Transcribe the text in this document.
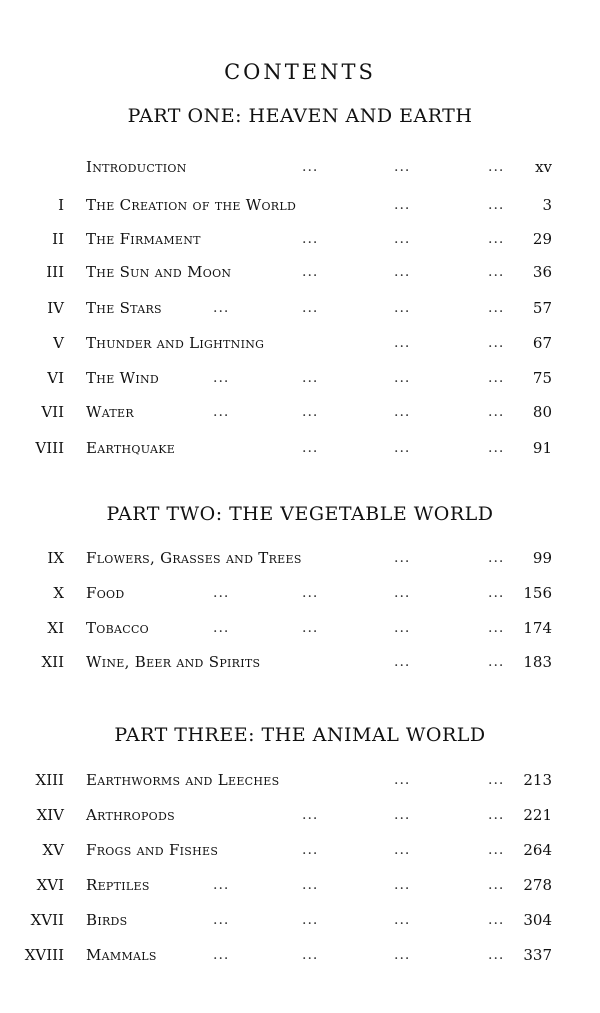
CONTENTS
PART ONE: HEAVEN AND EARTH
Introduction	...	...	... xv
I The Creation of the World	...	...	3
II The Firmament	...	...	... 29
III The Sun and Moon	...	...	... 36
IV The Stars	...	...	...	... 57
V Thunder and Lightning	...	... 67
VI The Wind	...	...	...	... 75
VII Water	...	...	...	... 80
VIII Earthquake	...	...	... 91
PART TWO: THE VEGETABLE WORLD
IX Flowers, Grasses and Trees	...	... 99
X Food	...	...	...	... 156
XI Tobacco	...	...	...	... 174
XII Wine, Beer and Spirits	...	... 183
PART THREE: THE ANIMAL WORLD
XIII Earthworms and Leeches	...	... 213
XIV Arthropods	...	...	... 221
XV Frogs and Fishes	...	...	... 264
XVI Reptiles	...	...	...	... 278
XVII Birds	...	...	...	... 304
XVIII Mammals	...	...	...	... 337
